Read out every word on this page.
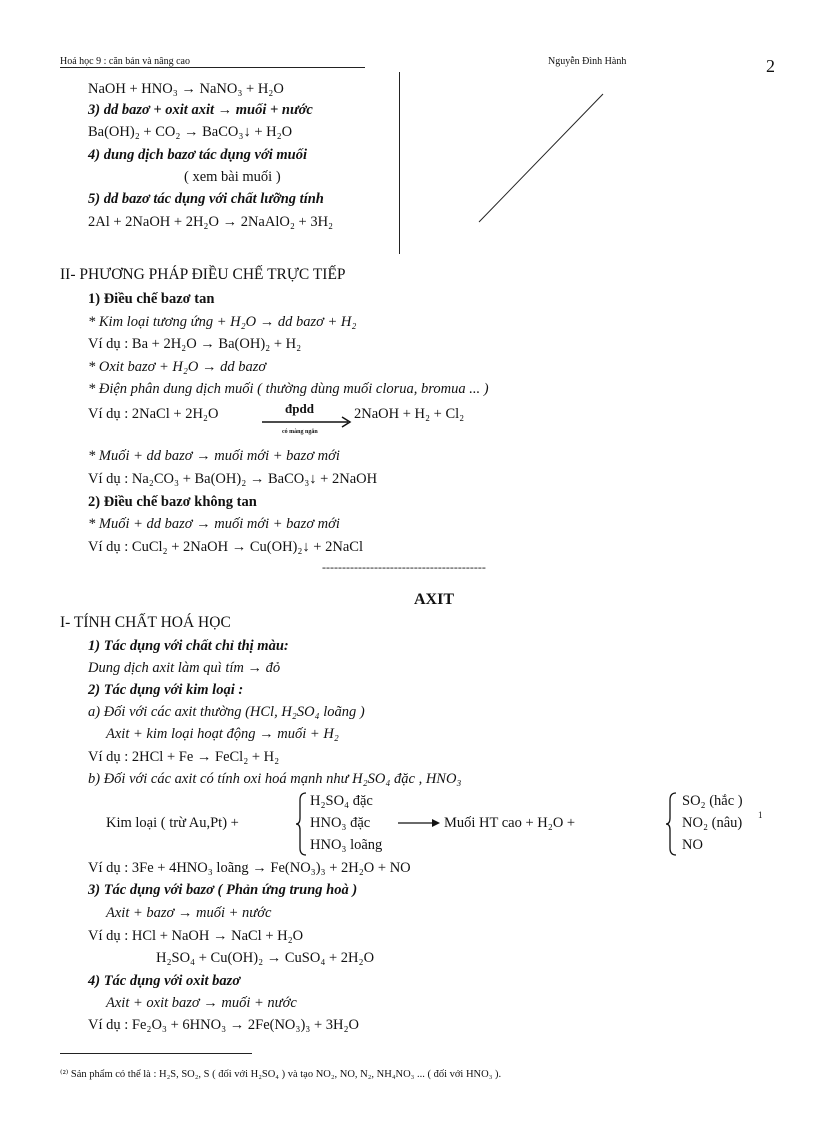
Hoá học 9 : căn bản và nâng cao	Nguyễn Đình Hành	2
NaOH + HNO₃ → NaNO₃ + H₂O
3) dd bazơ + oxit axit → muối + nước
Ba(OH)₂ + CO₂ → BaCO₃↓ + H₂O
4) dung dịch bazơ tác dụng với muối
( xem bài muối )
5) dd bazơ tác dụng với chất lưỡng tính
2Al + 2NaOH + 2H₂O → 2NaAlO₂ + 3H₂
II- PHƯƠNG PHÁP ĐIỀU CHẾ TRỰC TIẾP
1) Điều chế bazơ tan
* Kim loại tương ứng + H₂O → dd bazơ + H₂
Ví dụ : Ba + 2H₂O → Ba(OH)₂ + H₂
* Oxit bazơ + H₂O → dd bazơ
* Điện phân dung dịch muối ( thường dùng muối clorua, bromua ... )
Ví dụ : 2NaCl + 2H₂O	đpdd
có màng ngăn
2NaOH + H₂ + Cl₂
* Muối + dd bazơ → muối mới + bazơ mới
Ví dụ : Na₂CO₃ + Ba(OH)₂ → BaCO₃↓ + 2NaOH
2) Điều chế bazơ không tan
* Muối + dd bazơ → muối mới + bazơ mới
Ví dụ : CuCl₂ + 2NaOH → Cu(OH)₂↓ + 2NaCl
-----------------------------------------
AXIT
I- TÍNH CHẤT HOÁ HỌC
1) Tác dụng với chất chỉ thị màu:
Dung dịch axit làm quì tím → đỏ
2) Tác dụng với kim loại :
a) Đối với các axit thường (HCl, H₂SO₄ loãng )
Axit + kim loại hoạt động → muối + H₂
Ví dụ : 2HCl + Fe → FeCl₂ + H₂
b) Đối với các axit có tính oxi hoá mạnh như H₂SO₄ đặc , HNO₃
Kim loại ( trừ Au,Pt) +
H₂SO₄ đặc
HNO₃ đặc
HNO₃ loãng
Muối HT cao + H₂O +
SO₂ (hắc )
NO₂ (nâu) 1
NO
Ví dụ : 3Fe + 4HNO₃ loãng → Fe(NO₃)₃ + 2H₂O + NO
3) Tác dụng với bazơ ( Phản ứng trung hoà )
Axit + bazơ → muối + nước
Ví dụ : HCl + NaOH → NaCl + H₂O
H₂SO₄ + Cu(OH)₂ → CuSO₄ + 2H₂O
4) Tác dụng với oxit bazơ
Axit + oxit bazơ → muối + nước
Ví dụ : Fe₂O₃ + 6HNO₃ → 2Fe(NO₃)₃ + 3H₂O
⁽²⁾ Sản phẩm có thể là : H₂S, SO₂, S ( đối với H₂SO₄ ) và tạo NO₂, NO, N₂, NH₄NO₃ ... ( đối với HNO₃ ).
